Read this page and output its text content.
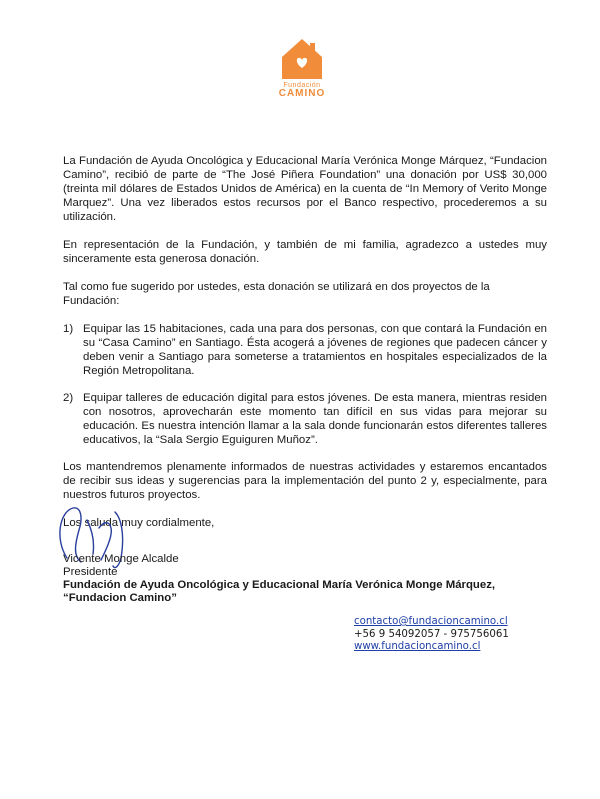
Fundación
CAMINO

La Fundación de Ayuda Oncológica y Educacional María Verónica Monge Márquez, “Fundacion Camino”, recibió de parte de “The José Piñera Foundation” una donación por US$ 30,000 (treinta mil dólares de Estados Unidos de América) en la cuenta de “In Memory of Verito Monge Marquez”. Una vez liberados estos recursos por el Banco respectivo, procederemos a su utilización.

En representación de la Fundación, y también de mi familia, agradezco a ustedes muy sinceramente esta generosa donación.

Tal como fue sugerido por ustedes, esta donación se utilizará en dos proyectos de la Fundación:

1) Equipar las 15 habitaciones, cada una para dos personas, con que contará la Fundación en su “Casa Camino” en Santiago. Ésta acogerá a jóvenes de regiones que padecen cáncer y deben venir a Santiago para someterse a tratamientos en hospitales especializados de la Región Metropolitana.
2) Equipar talleres de educación digital para estos jóvenes. De esta manera, mientras residen con nosotros, aprovecharán este momento tan difícil en sus vidas para mejorar su educación. Es nuestra intención llamar a la sala donde funcionarán estos diferentes talleres educativos, la “Sala Sergio Eguiguren Muñoz”.

Los mantendremos plenamente informados de nuestras actividades y estaremos encantados de recibir sus ideas y sugerencias para la implementación del punto 2 y, especialmente, para nuestros futuros proyectos.

Los saluda muy cordialmente,

Vicente Monge Alcalde
Presidente
Fundación de Ayuda Oncológica y Educacional María Verónica Monge Márquez,
“Fundacion Camino”
contacto@fundacioncamino.cl
+56 9 54092057 - 975756061
www.fundacioncamino.cl
